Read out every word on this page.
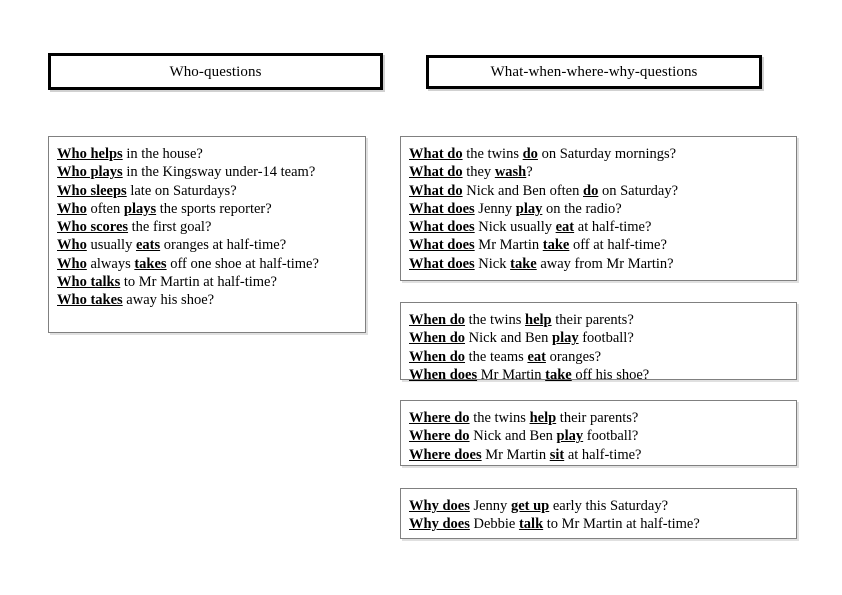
Who-questions	What-when-where-why-questions
Who helps in the house?
Who plays in the Kingsway under-14 team?
Who sleeps late on Saturdays?
Who often plays the sports reporter?
Who scores the first goal?
Who usually eats oranges at half-time?
Who always takes off one shoe at half-time?
Who talks to Mr Martin at half-time?
Who takes away his shoe?
What do the twins do on Saturday mornings?
What do they wash?
What do Nick and Ben often do on Saturday?
What does Jenny play on the radio?
What does Nick usually eat at half-time?
What does Mr Martin take off at half-time?
What does Nick take away from Mr Martin?
When do the twins help their parents?
When do Nick and Ben play football?
When do the teams eat oranges?
When does Mr Martin take off his shoe?
Where do the twins help their parents?
Where do Nick and Ben play football?
Where does Mr Martin sit at half-time?
Why does Jenny get up early this Saturday?
Why does Debbie talk to Mr Martin at half-time?
